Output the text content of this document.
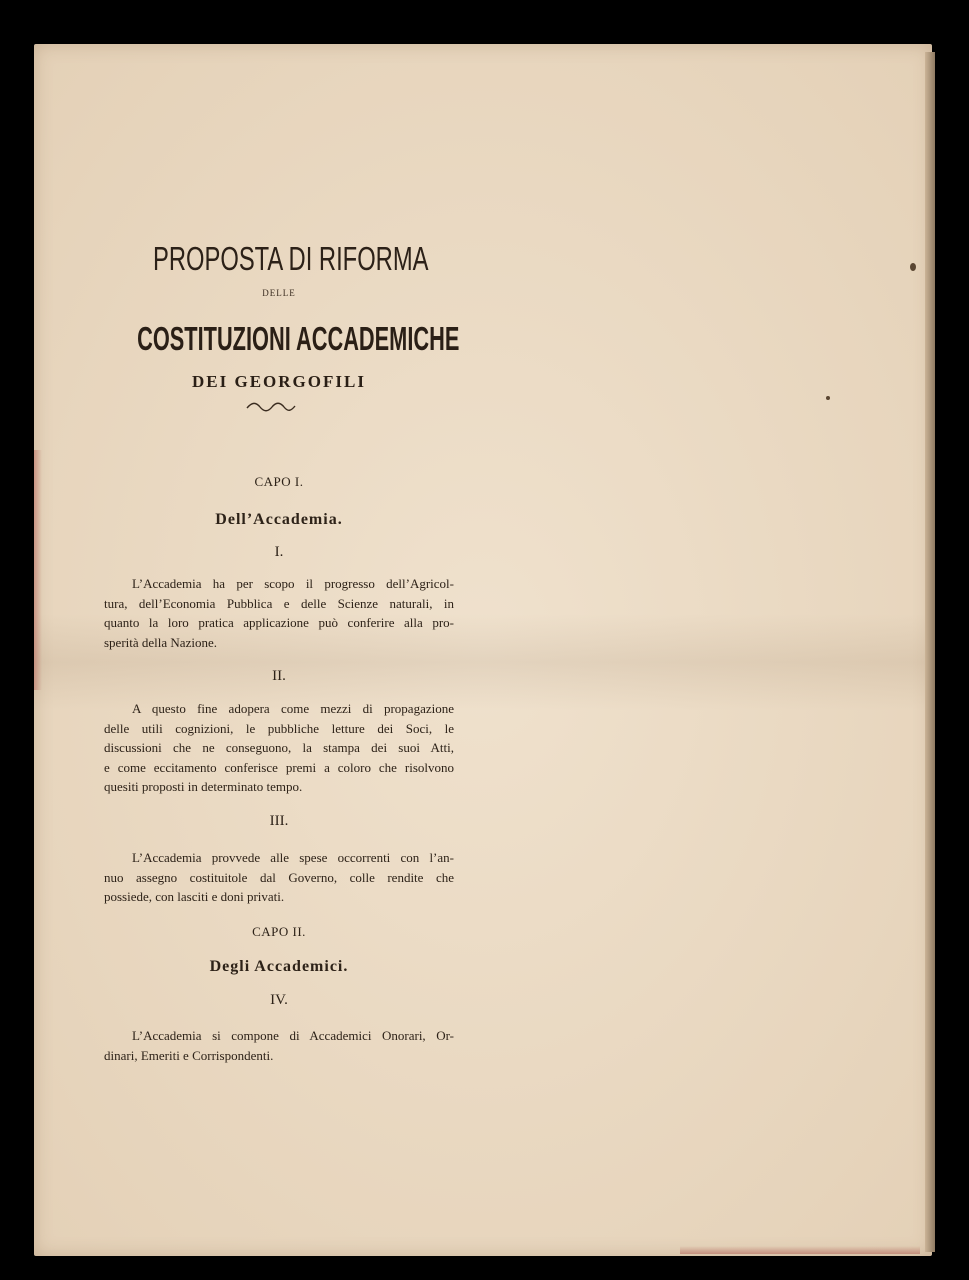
PROPOSTA DI RIFORMA
DELLE
COSTITUZIONI ACCADEMICHE
DEI GEORGOFILI
CAPO I.
Dell’Accademia.
I.
L’Accademia ha per scopo il progresso dell’Agricol-
tura, dell’Economia Pubblica e delle Scienze naturali, in
quanto la loro pratica applicazione può conferire alla pro-
sperità della Nazione.
II.
A questo fine adopera come mezzi di propagazione
delle utili cognizioni, le pubbliche letture dei Soci, le
discussioni che ne conseguono, la stampa dei suoi Atti,
e come eccitamento conferisce premi a coloro che risolvono
quesiti proposti in determinato tempo.
III.
L’Accademia provvede alle spese occorrenti con l’an-
nuo assegno costituitole dal Governo, colle rendite che
possiede, con lasciti e doni privati.
CAPO II.
Degli Accademici.
IV.
L’Accademia si compone di Accademici Onorari, Or-
dinari, Emeriti e Corrispondenti.
